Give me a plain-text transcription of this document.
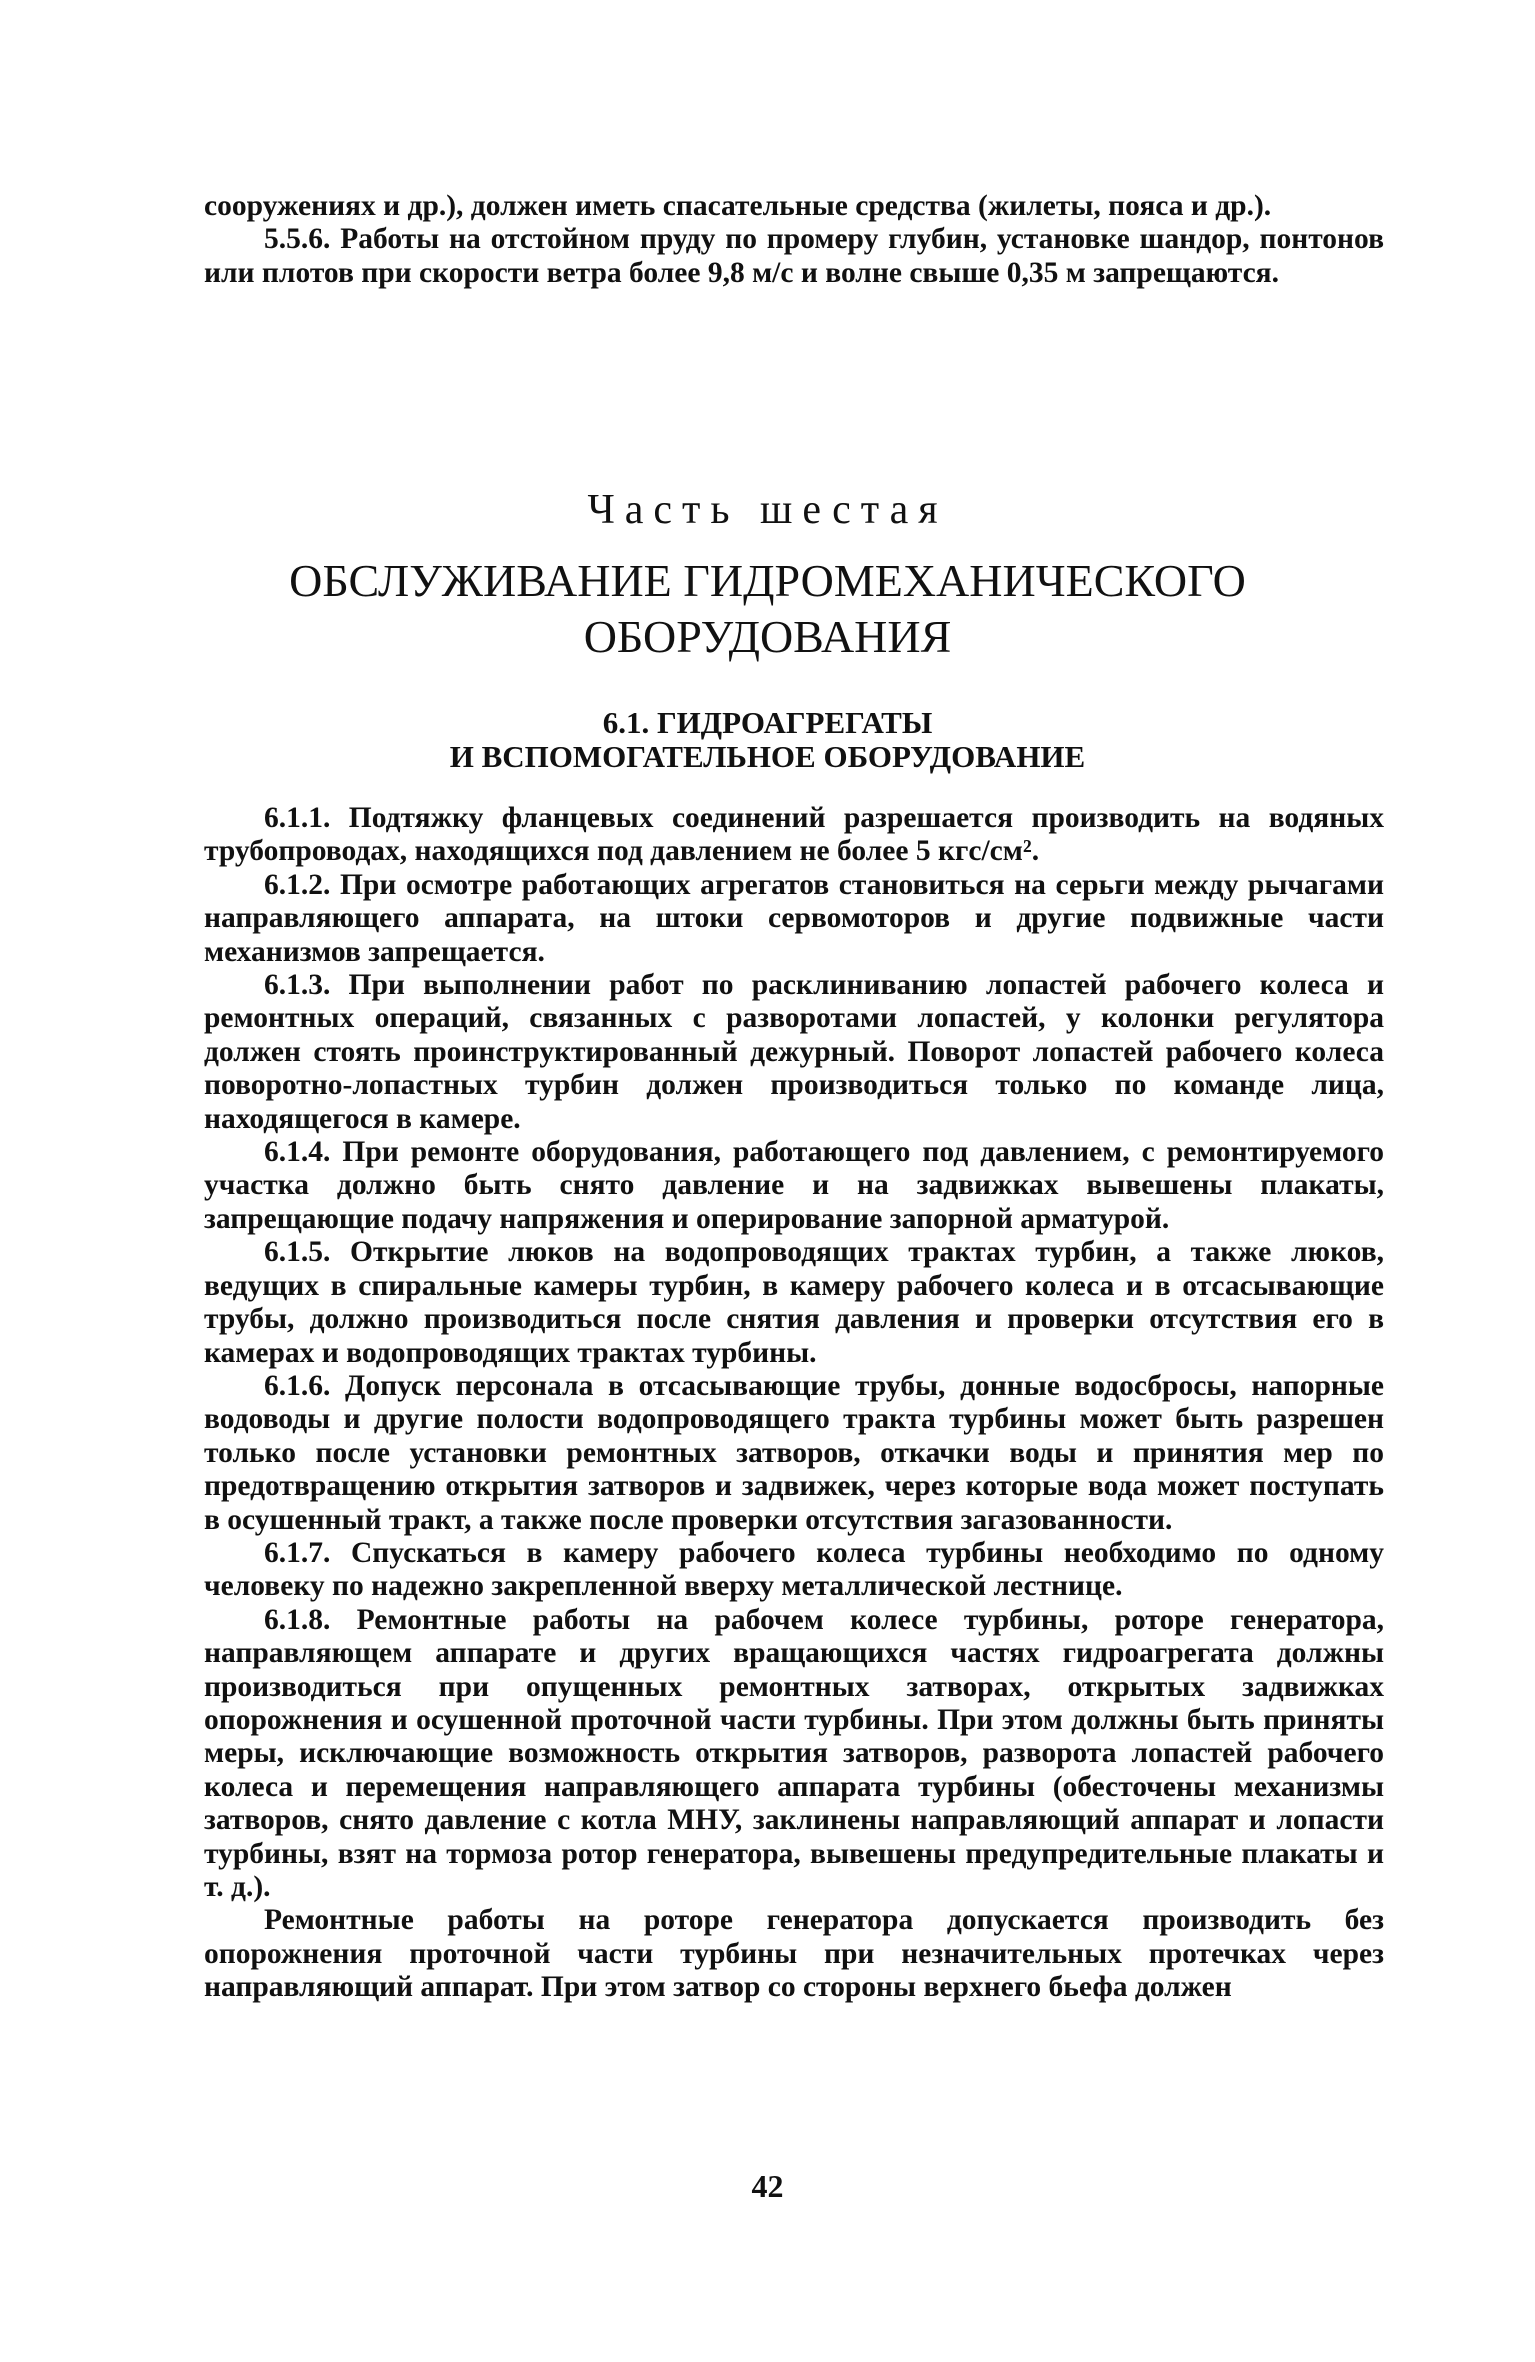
сооружениях и др.), должен иметь спасательные средства (жилеты, пояса и др.).

5.5.6. Работы на отстойном пруду по промеру глубин, установке шандор, понтонов или плотов при скорости ветра более 9,8 м/с и волне свыше 0,35 м запрещаются.

Часть шестая
ОБСЛУЖИВАНИЕ ГИДРОМЕХАНИЧЕСКОГО
ОБОРУДОВАНИЯ
6.1. ГИДРОАГРЕГАТЫ
И ВСПОМОГАТЕЛЬНОЕ ОБОРУДОВАНИЕ

6.1.1. Подтяжку фланцевых соединений разрешается производить на водяных трубопроводах, находящихся под давлением не более 5 кгс/см².

6.1.2. При осмотре работающих агрегатов становиться на серьги между рычагами направляющего аппарата, на штоки сервомоторов и другие подвижные части механизмов запрещается.

6.1.3. При выполнении работ по расклиниванию лопастей рабочего колеса и ремонтных операций, связанных с разворотами лопастей, у колонки регулятора должен стоять проинструктированный дежурный. Поворот лопастей рабочего колеса поворотно-лопастных турбин должен производиться только по команде лица, находящегося в камере.

6.1.4. При ремонте оборудования, работающего под давлением, с ремонтируемого участка должно быть снято давление и на задвижках вывешены плакаты, запрещающие подачу напряжения и оперирование запорной арматурой.

6.1.5. Открытие люков на водопроводящих трактах турбин, а также люков, ведущих в спиральные камеры турбин, в камеру рабочего колеса и в отсасывающие трубы, должно производиться после снятия давления и проверки отсутствия его в камерах и водопроводящих трактах турбины.

6.1.6. Допуск персонала в отсасывающие трубы, донные водосбросы, напорные водоводы и другие полости водопроводящего тракта турбины может быть разрешен только после установки ремонтных затворов, откачки воды и принятия мер по предотвращению открытия затворов и задвижек, через которые вода может поступать в осушенный тракт, а также после проверки отсутствия загазованности.

6.1.7. Спускаться в камеру рабочего колеса турбины необходимо по одному человеку по надежно закрепленной вверху металлической лестнице.

6.1.8. Ремонтные работы на рабочем колесе турбины, роторе генератора, направляющем аппарате и других вращающихся частях гидроагрегата должны производиться при опущенных ремонтных затворах, открытых задвижках опорожнения и осушенной проточной части турбины. При этом должны быть приняты меры, исключающие возможность открытия затворов, разворота лопастей рабочего колеса и перемещения направляющего аппарата турбины (обесточены механизмы затворов, снято давление с котла МНУ, заклинены направляющий аппарат и лопасти турбины, взят на тормоза ротор генератора, вывешены предупредительные плакаты и т. д.).

Ремонтные работы на роторе генератора допускается производить без опорожнения проточной части турбины при незначительных протечках через направляющий аппарат. При этом затвор со стороны верхнего бьефа должен

42
